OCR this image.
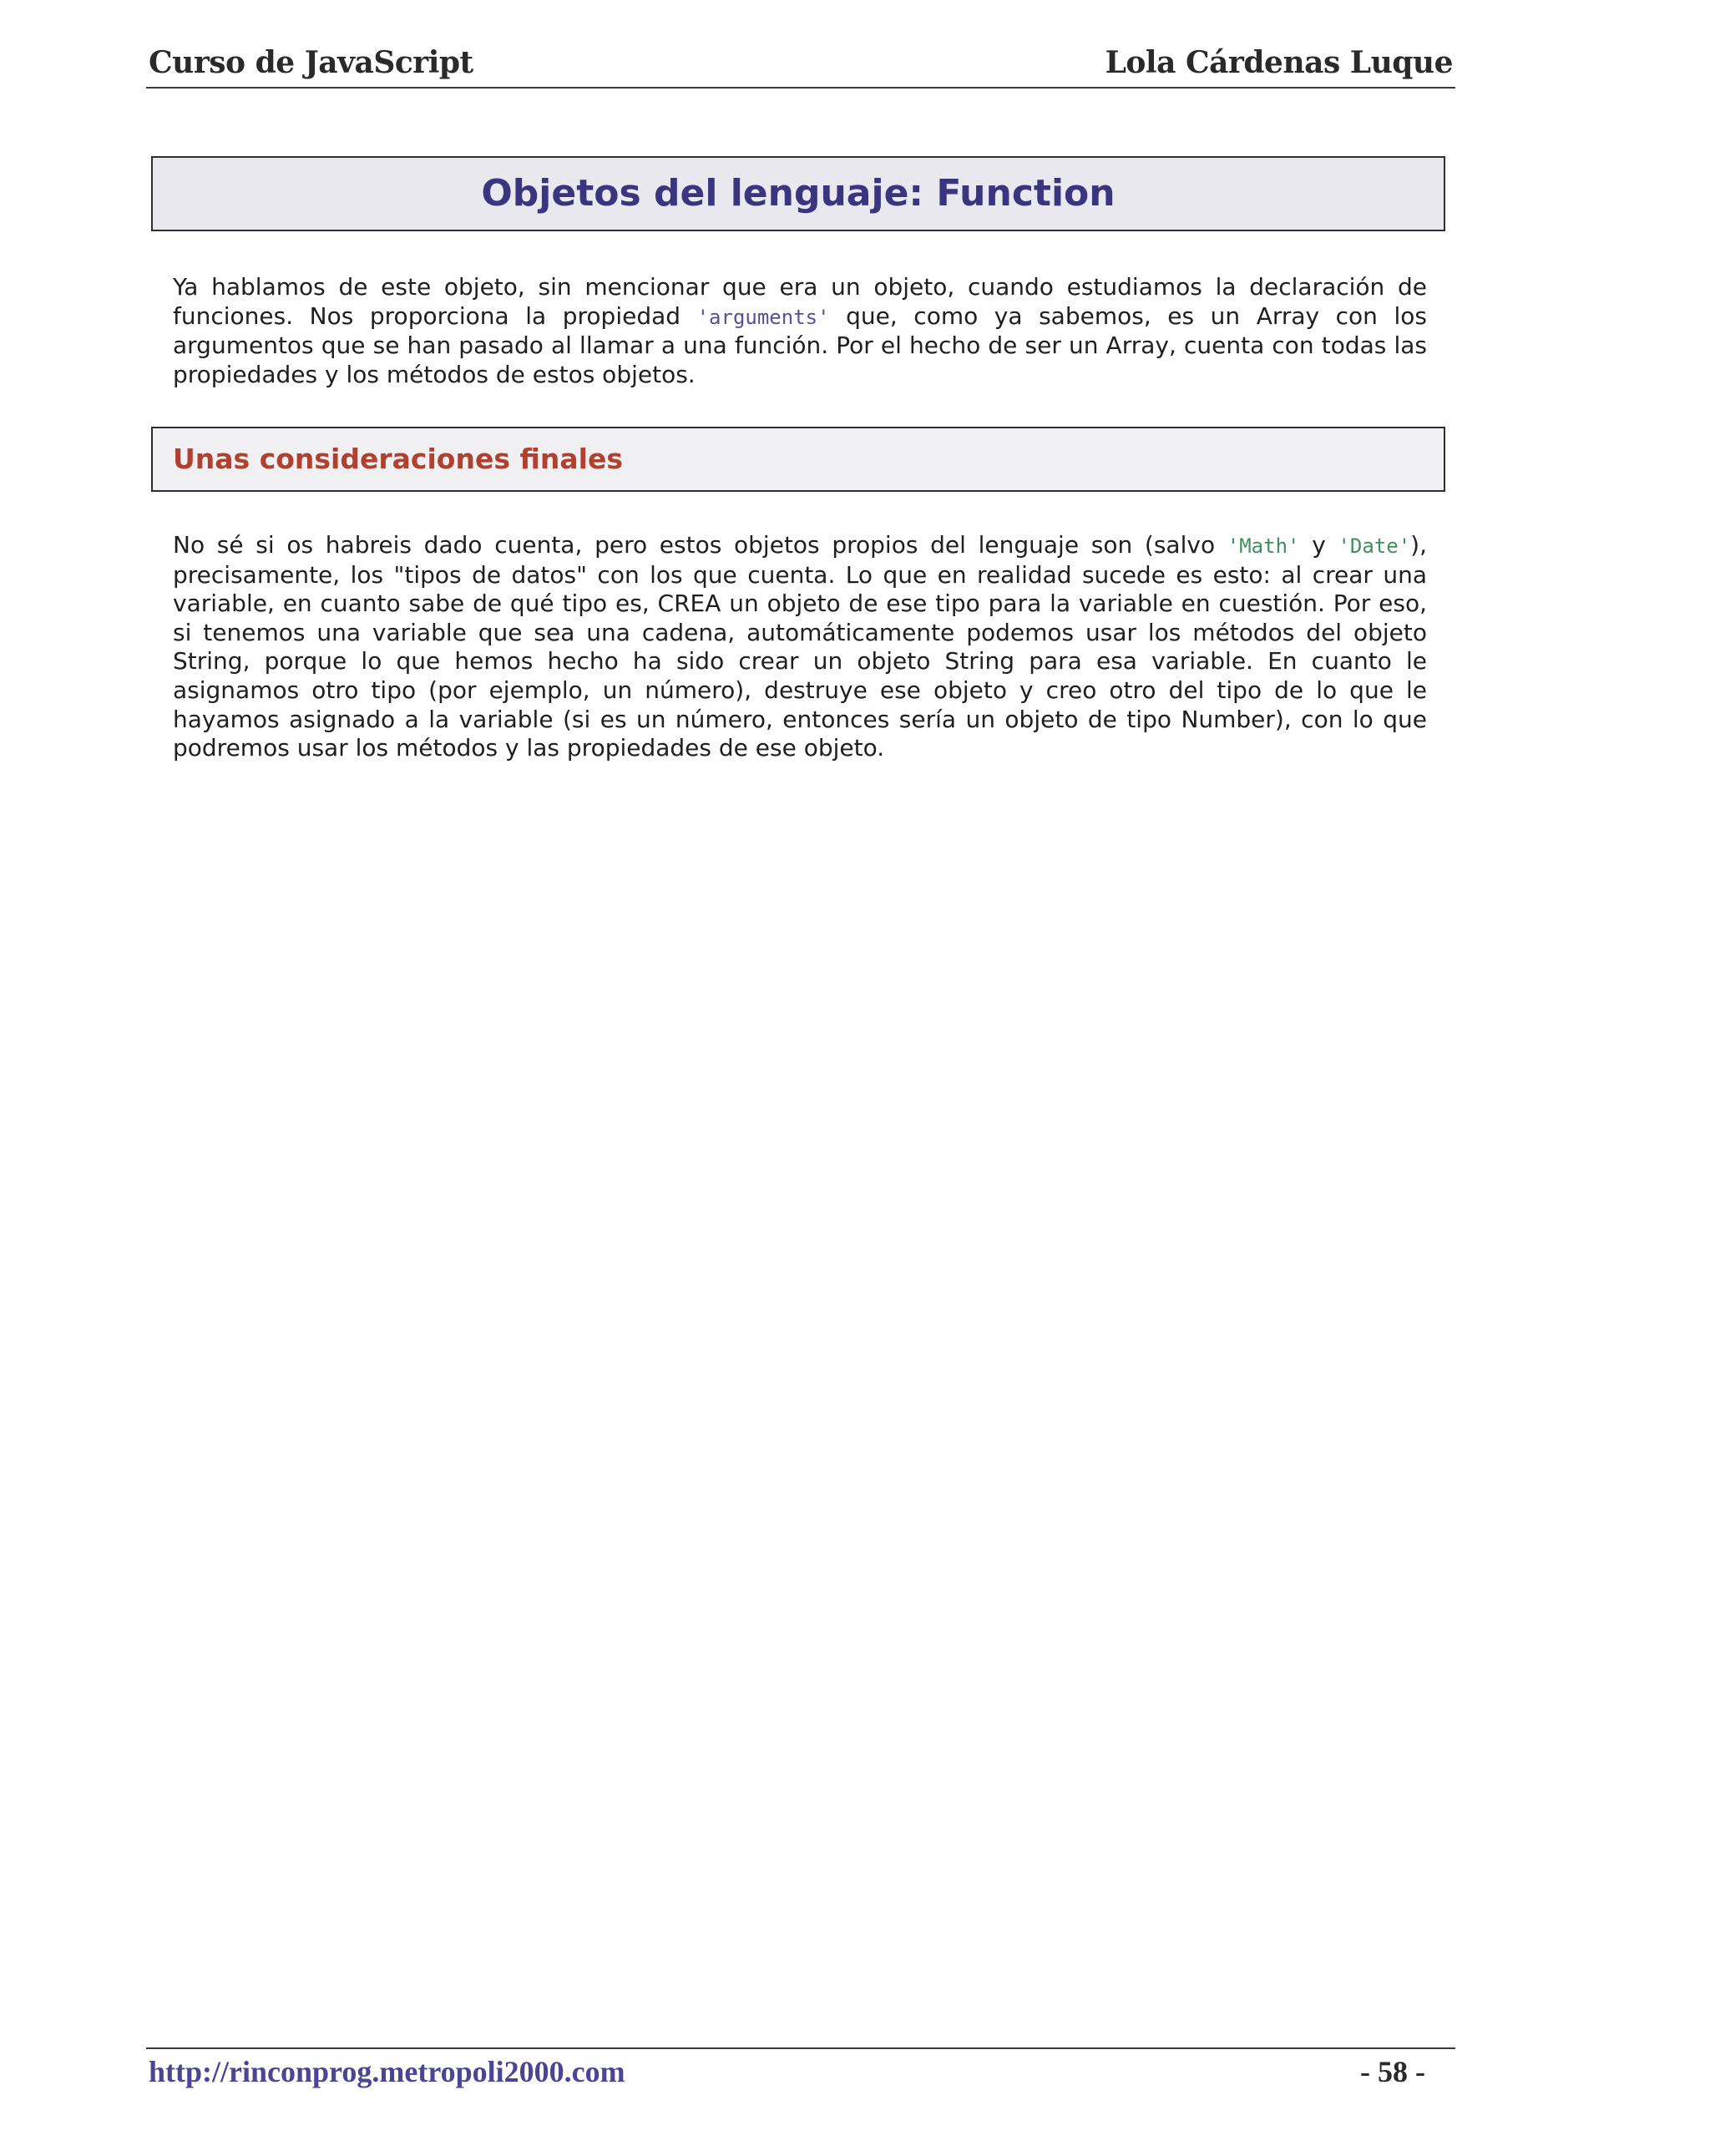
Curso de JavaScript	Lola Cárdenas Luque
Objetos del lenguaje: Function

Ya hablamos de este objeto, sin mencionar que era un objeto, cuando estudiamos la declaración de funciones. Nos proporciona la propiedad 'arguments' que, como ya sabemos, es un Array con los argumentos que se han pasado al llamar a una función. Por el hecho de ser un Array, cuenta con todas las propiedades y los métodos de estos objetos.

Unas consideraciones finales

No sé si os habreis dado cuenta, pero estos objetos propios del lenguaje son (salvo 'Math' y 'Date'), precisamente, los "tipos de datos" con los que cuenta. Lo que en realidad sucede es esto: al crear una variable, en cuanto sabe de qué tipo es, CREA un objeto de ese tipo para la variable en cuestión. Por eso, si tenemos una variable que sea una cadena, automáticamente podemos usar los métodos del objeto String, porque lo que hemos hecho ha sido crear un objeto String para esa variable. En cuanto le asignamos otro tipo (por ejemplo, un número), destruye ese objeto y creo otro del tipo de lo que le hayamos asignado a la variable (si es un número, entonces sería un objeto de tipo Number), con lo que podremos usar los métodos y las propiedades de ese objeto.

http://rinconprog.metropoli2000.com	- 58 -
